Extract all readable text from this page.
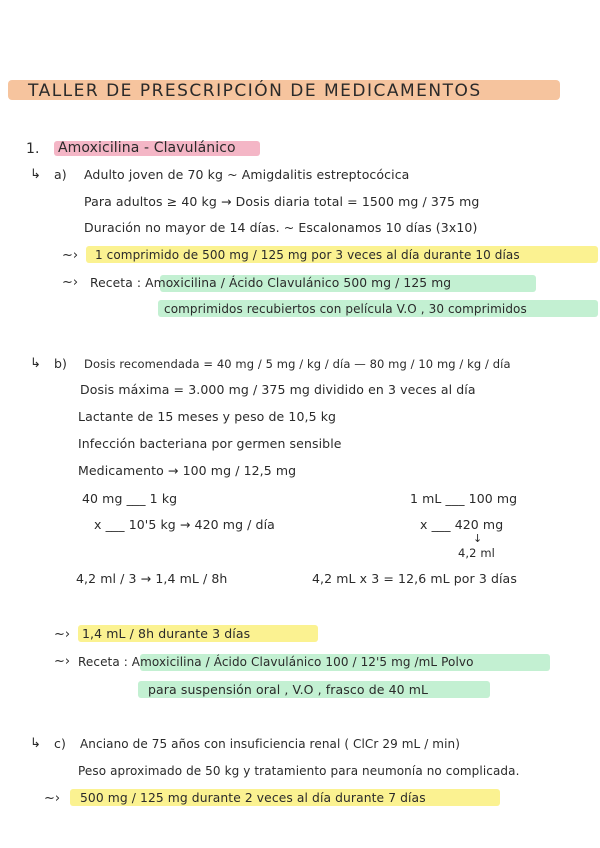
TALLER DE PRESCRIPCIÓN DE MEDICAMENTOS
1. Amoxicilina - Clavulánico
↳ a) Adulto joven de 70 kg ~ Amigdalitis estreptocócica
Para adultos ≥ 40 kg → Dosis diaria total = 1500 mg / 375 mg
Duración no mayor de 14 días. ~ Escalonamos 10 días (3x10)
~› 1 comprimido de 500 mg / 125 mg por 3 veces al día durante 10 días
~› Receta : Amoxicilina / Ácido Clavulánico 500 mg / 125 mg
comprimidos recubiertos con película V.O , 30 comprimidos
↳ b) Dosis recomendada = 40 mg / 5 mg / kg / día — 80 mg / 10 mg / kg / día
Dosis máxima = 3.000 mg / 375 mg dividido en 3 veces al día
Lactante de 15 meses y peso de 10,5 kg
Infección bacteriana por germen sensible
Medicamento → 100 mg / 12,5 mg
40 mg ___ 1 kg
x ___ 10'5 kg → 420 mg / día
1 mL ___ 100 mg
x ___ 420 mg
↓
4,2 ml
4,2 ml / 3 → 1,4 mL / 8h	4,2 mL x 3 = 12,6 mL por 3 días
~› 1,4 mL / 8h durante 3 días
~› Receta : Amoxicilina / Ácido Clavulánico 100 / 12'5 mg /mL Polvo
para suspensión oral , V.O , frasco de 40 mL
↳ c) Anciano de 75 años con insuficiencia renal ( ClCr 29 mL / min)
Peso aproximado de 50 kg y tratamiento para neumonía no complicada.
~› 500 mg / 125 mg durante 2 veces al día durante 7 días
